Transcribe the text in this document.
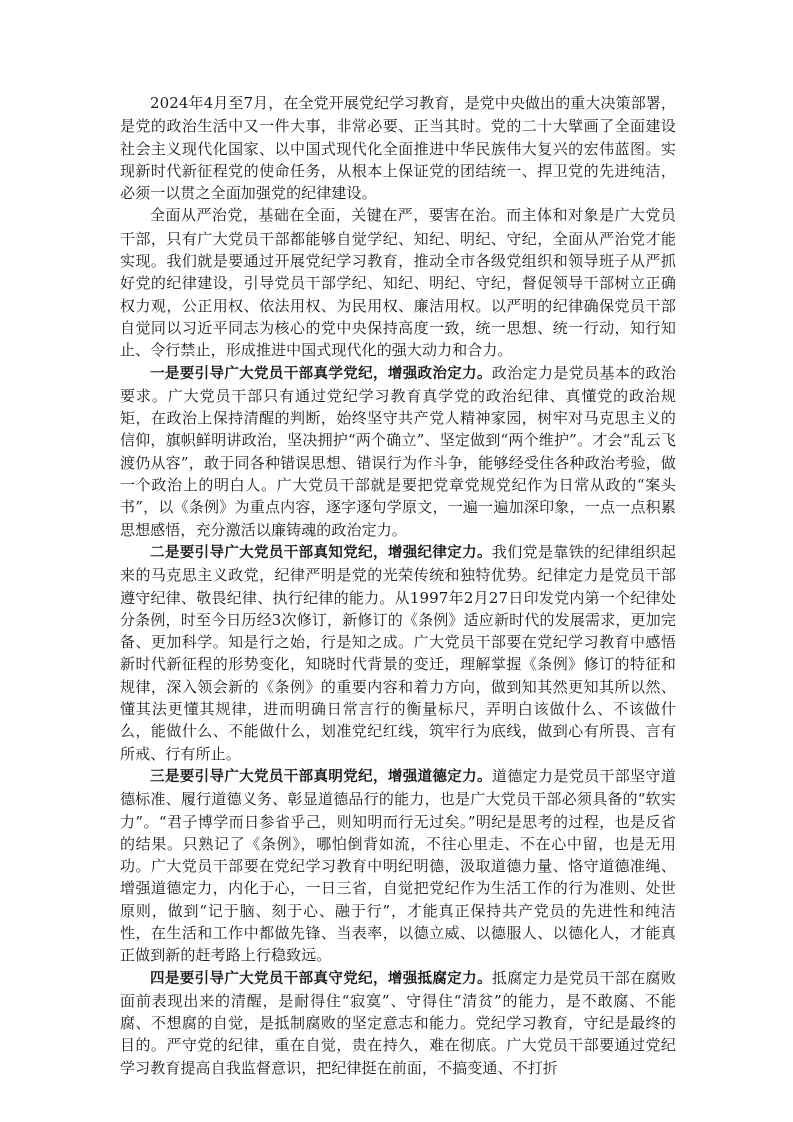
2024年4月至7月，在全党开展党纪学习教育，是党中央做出的重大决策部署，是党的政治生活中又一件大事，非常必要、正当其时。党的二十大擘画了全面建设社会主义现代化国家、以中国式现代化全面推进中华民族伟大复兴的宏伟蓝图。实现新时代新征程党的使命任务，从根本上保证党的团结统一、捍卫党的先进纯洁，必须一以贯之全面加强党的纪律建设。

全面从严治党，基础在全面，关键在严，要害在治。而主体和对象是广大党员干部，只有广大党员干部都能够自觉学纪、知纪、明纪、守纪，全面从严治党才能实现。我们就是要通过开展党纪学习教育，推动全市各级党组织和领导班子从严抓好党的纪律建设，引导党员干部学纪、知纪、明纪、守纪，督促领导干部树立正确权力观，公正用权、依法用权、为民用权、廉洁用权。以严明的纪律确保党员干部自觉同以习近平同志为核心的党中央保持高度一致，统一思想、统一行动，知行知止、令行禁止，形成推进中国式现代化的强大动力和合力。

一是要引导广大党员干部真学党纪，增强政治定力。政治定力是党员基本的政治要求。广大党员干部只有通过党纪学习教育真学党的政治纪律、真懂党的政治规矩，在政治上保持清醒的判断，始终坚守共产党人精神家园，树牢对马克思主义的信仰，旗帜鲜明讲政治，坚决拥护“两个确立”、坚定做到“两个维护”。才会“乱云飞渡仍从容”，敢于同各种错误思想、错误行为作斗争，能够经受住各种政治考验，做一个政治上的明白人。广大党员干部就是要把党章党规党纪作为日常从政的“案头书”，以《条例》为重点内容，逐字逐句学原文，一遍一遍加深印象，一点一点积累思想感悟，充分激活以廉铸魂的政治定力。

二是要引导广大党员干部真知党纪，增强纪律定力。我们党是靠铁的纪律组织起来的马克思主义政党，纪律严明是党的光荣传统和独特优势。纪律定力是党员干部遵守纪律、敬畏纪律、执行纪律的能力。从1997年2月27日印发党内第一个纪律处分条例，时至今日历经3次修订，新修订的《条例》适应新时代的发展需求，更加完备、更加科学。知是行之始，行是知之成。广大党员干部要在党纪学习教育中感悟新时代新征程的形势变化，知晓时代背景的变迁，理解掌握《条例》修订的特征和规律，深入领会新的《条例》的重要内容和着力方向，做到知其然更知其所以然、懂其法更懂其规律，进而明确日常言行的衡量标尺，弄明白该做什么、不该做什么，能做什么、不能做什么，划准党纪红线，筑牢行为底线，做到心有所畏、言有所戒、行有所止。

三是要引导广大党员干部真明党纪，增强道德定力。道德定力是党员干部坚守道德标准、履行道德义务、彰显道德品行的能力，也是广大党员干部必须具备的“软实力”。“君子博学而日参省乎己，则知明而行无过矣。”明纪是思考的过程，也是反省的结果。只熟记了《条例》，哪怕倒背如流，不往心里走、不在心中留，也是无用功。广大党员干部要在党纪学习教育中明纪明德，汲取道德力量、恪守道德准绳、增强道德定力，内化于心，一日三省，自觉把党纪作为生活工作的行为准则、处世原则，做到“记于脑、刻于心、融于行”，才能真正保持共产党员的先进性和纯洁性，在生活和工作中都做先锋、当表率，以德立威、以德服人、以德化人，才能真正做到新的赶考路上行稳致远。

四是要引导广大党员干部真守党纪，增强抵腐定力。抵腐定力是党员干部在腐败面前表现出来的清醒，是耐得住“寂寞”、守得住“清贫”的能力，是不敢腐、不能腐、不想腐的自觉，是抵制腐败的坚定意志和能力。党纪学习教育，守纪是最终的目的。严守党的纪律，重在自觉，贵在持久，难在彻底。广大党员干部要通过党纪学习教育提高自我监督意识，把纪律挺在前面，不搞变通、不打折
